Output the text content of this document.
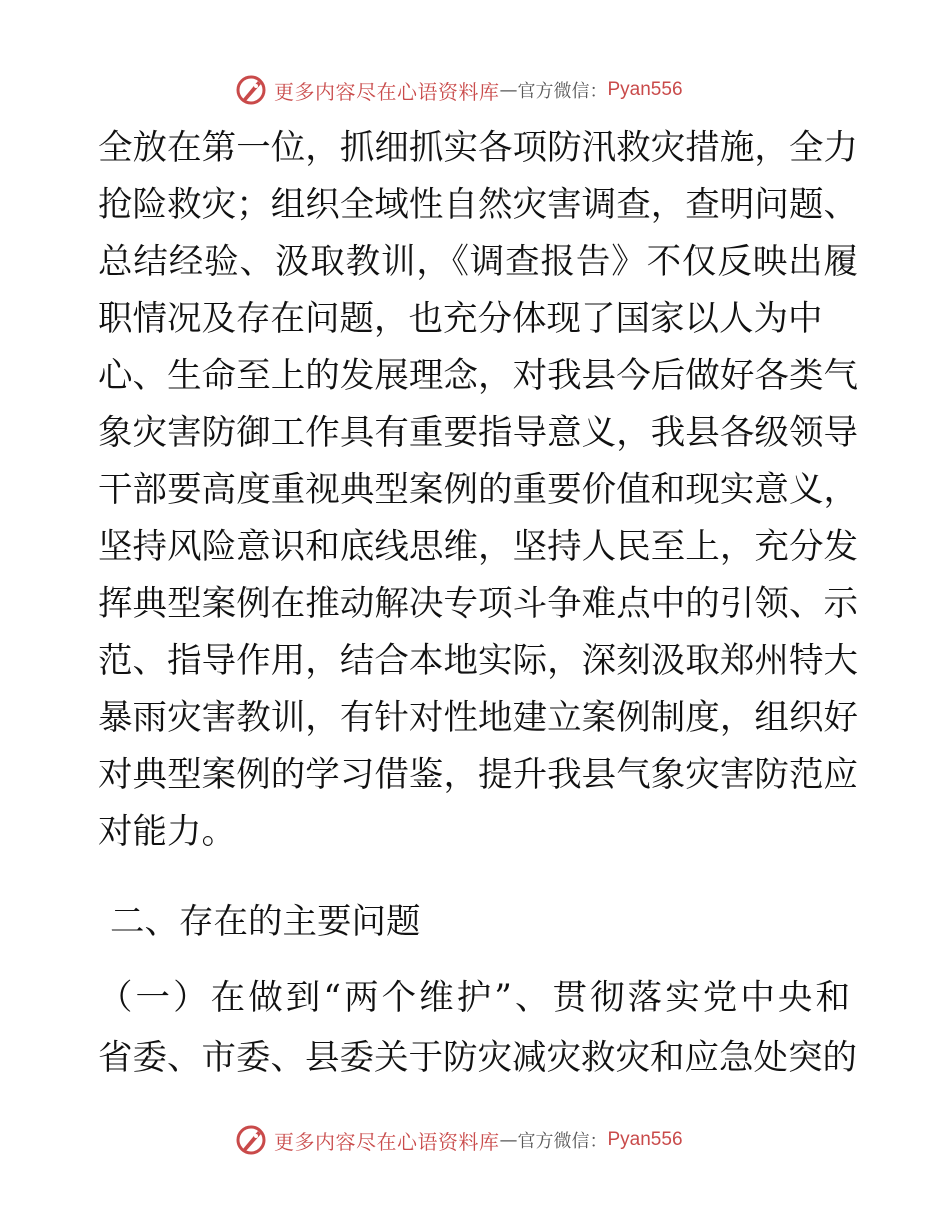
更多内容尽在心语资料库 — 官方微信： Pyan556
全放在第一位，抓细抓实各项防汛救灾措施，全力
抢险救灾；组织全域性自然灾害调查，查明问题、
总结经验、汲取教训，《调查报告》不仅反映出履
职情况及存在问题，也充分体现了国家以人为中
心、生命至上的发展理念，对我县今后做好各类气
象灾害防御工作具有重要指导意义，我县各级领导
干部要高度重视典型案例的重要价值和现实意义，
坚持风险意识和底线思维，坚持人民至上，充分发
挥典型案例在推动解决专项斗争难点中的引领、示
范、指导作用，结合本地实际，深刻汲取郑州特大
暴雨灾害教训，有针对性地建立案例制度，组织好
对典型案例的学习借鉴，提升我县气象灾害防范应
对能力。
二、存在的主要问题
（一）在做到“两个维护”、贯彻落实党中央和
省委、市委、县委关于防灾减灾救灾和应急处突的
更多内容尽在心语资料库 — 官方微信： Pyan556
